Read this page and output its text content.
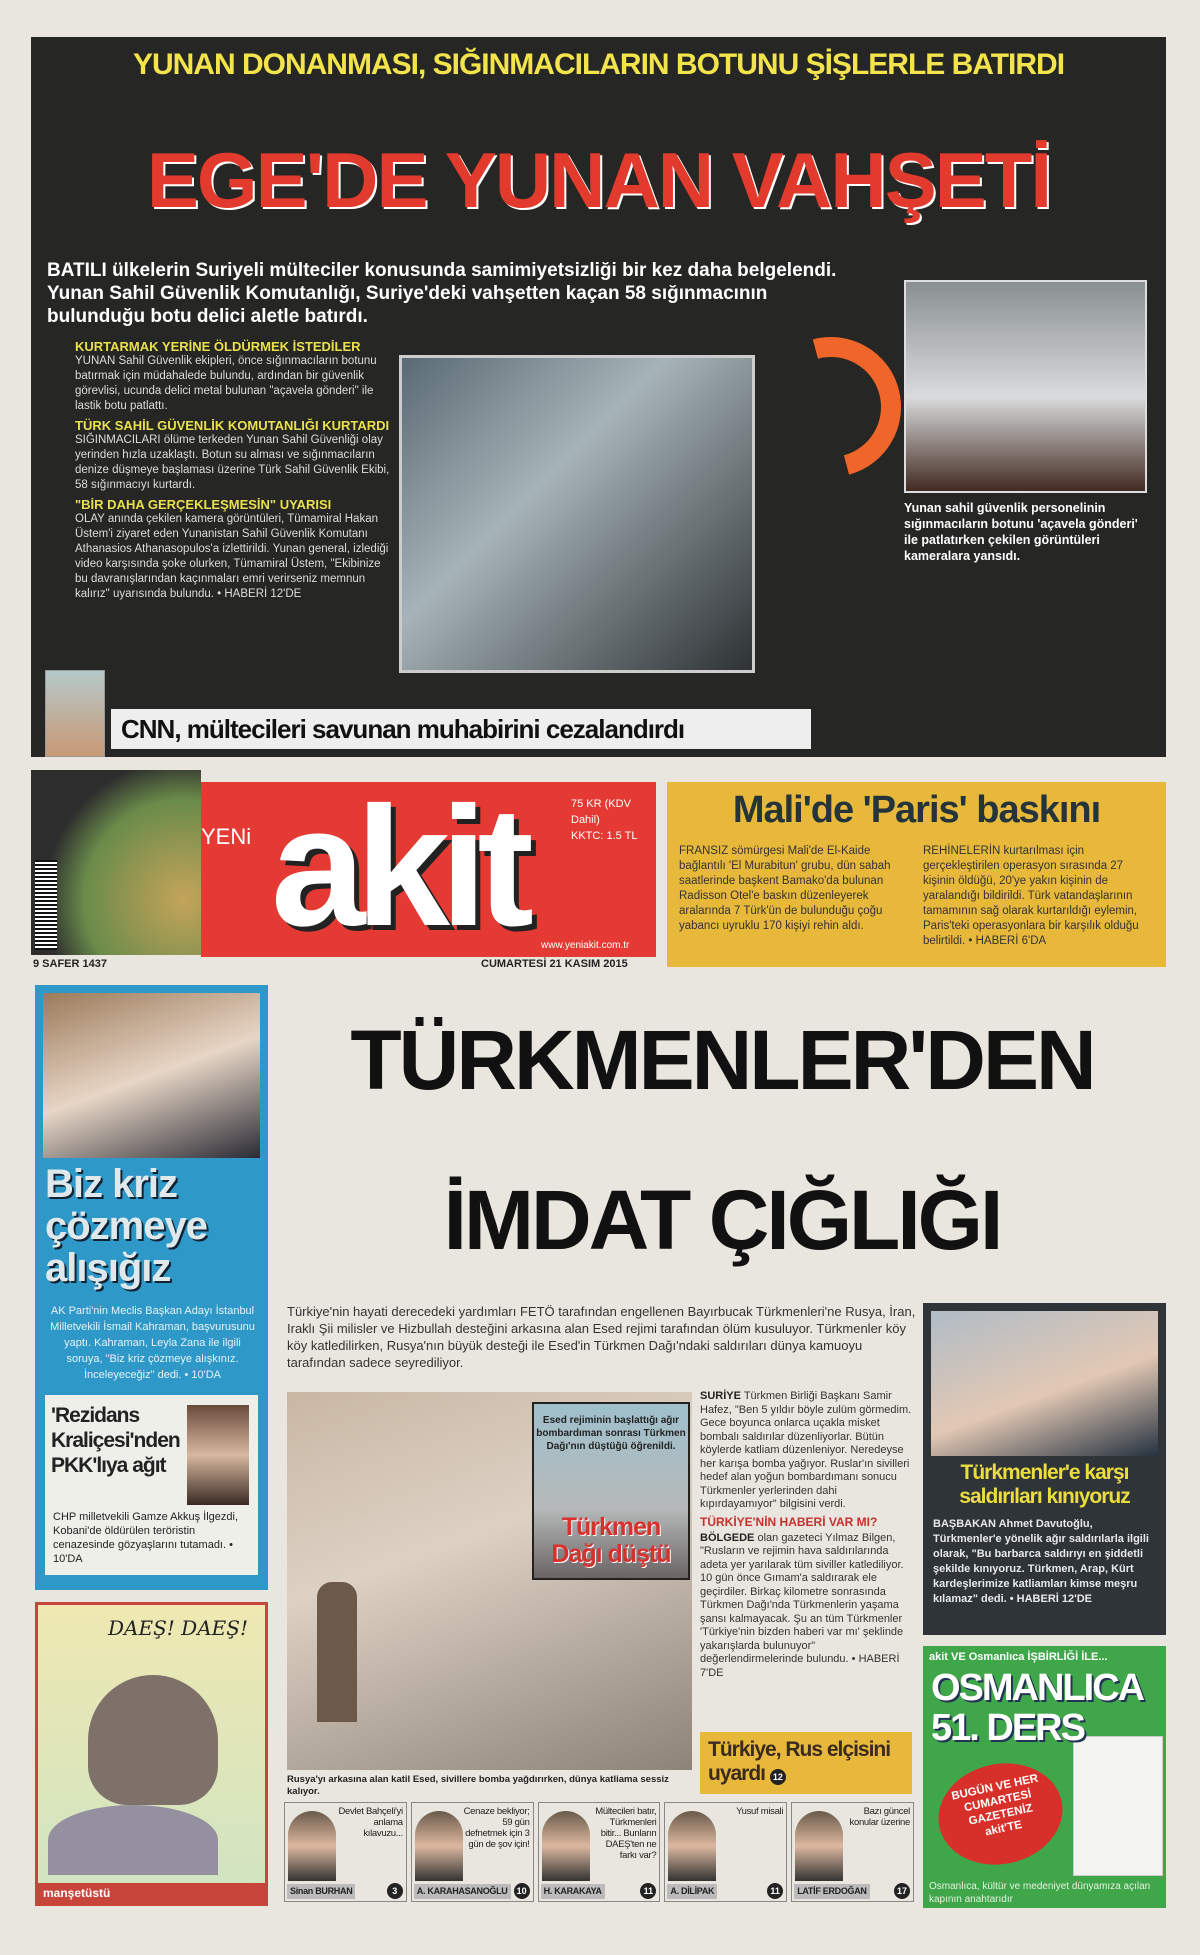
YUNAN DONANMASI, SIĞINMACILARIN BOTUNU ŞİŞLERLE BATIRDI
EGE'DE YUNAN VAHŞETİ
BATILI ülkelerin Suriyeli mülteciler konusunda samimiyetsizliği bir kez daha belgelendi. Yunan Sahil Güvenlik Komutanlığı, Suriye'deki vahşetten kaçan 58 sığınmacının bulunduğu botu delici aletle batırdı.
KURTARMAK YERİNE ÖLDÜRMEK İSTEDİLER
YUNAN Sahil Güvenlik ekipleri, önce sığınmacıların botunu batırmak için müdahalede bulundu, ardından bir güvenlik görevlisi, ucunda delici metal bulunan "açavela gönderi" ile lastik botu patlattı.
TÜRK SAHİL GÜVENLİK KOMUTANLIĞI KURTARDI
SIĞINMACILARI ölüme terkeden Yunan Sahil Güvenliği olay yerinden hızla uzaklaştı. Botun su alması ve sığınmacıların denize düşmeye başlaması üzerine Türk Sahil Güvenlik Ekibi, 58 sığınmacıyı kurtardı.
"BİR DAHA GERÇEKLEŞMESİN" UYARISI
OLAY anında çekilen kamera görüntüleri, Tümamiral Hakan Üstem'i ziyaret eden Yunanistan Sahil Güvenlik Komutanı Athanasios Athanasopulos'a izlettirildi. Yunan general, izlediği video karşısında şoke olurken, Tümamiral Üstem, "Ekibinize bu davranışlarından kaçınmaları emri verirseniz memnun kalırız" uyarısında bulundu. • HABERİ 12'DE
Yunan sahil güvenlik personelinin sığınmacıların botunu 'açavela gönderi' ile patlatırken çekilen görüntüleri kameralara yansıdı.
CNN, mültecileri savunan muhabirini cezalandırdı
9 SAFER 1437
YENi akit	75 KR (KDV Dahil)
KKTC: 1.5 TL
www.yeniakit.com.tr
CUMARTESİ 21 KASIM 2015
Mali'de 'Paris' baskını
FRANSIZ sömürgesi Mali'de El-Kaide bağlantılı 'El Murabitun' grubu, dün sabah saatlerinde başkent Bamako'da bulunan Radisson Otel'e baskın düzenleyerek aralarında 7 Türk'ün de bulunduğu çoğu yabancı uyruklu 170 kişiyi rehin aldı.
REHİNELERİN kurtarılması için gerçekleştirilen operasyon sırasında 27 kişinin öldüğü, 20'ye yakın kişinin de yaralandığı bildirildi. Türk vatandaşlarının tamamının sağ olarak kurtarıldığı eylemin, Paris'teki operasyonlara bir karşılık olduğu belirtildi. • HABERİ 6'DA
Biz kriz çözmeye alışığız
AK Parti'nin Meclis Başkan Adayı İstanbul Milletvekili İsmail Kahraman, başvurusunu yaptı. Kahraman, Leyla Zana ile ilgili soruya, "Biz kriz çözmeye alışkınız. İnceleyeceğiz" dedi. • 10'DA
'Rezidans Kraliçesi'nden PKK'lıya ağıt
CHP milletvekili Gamze Akkuş İlgezdi, Kobani'de öldürülen teröristin cenazesinde gözyaşlarını tutamadı. • 10'DA
DAEŞ! DAEŞ!
manşetüstü
TÜRKMENLER'DEN
İMDAT ÇIĞLIĞI
Türkiye'nin hayati derecedeki yardımları FETÖ tarafından engellenen Bayırbucak Türkmenleri'ne Rusya, İran, Iraklı Şii milisler ve Hizbullah desteğini arkasına alan Esed rejimi tarafından ölüm kusuluyor. Türkmenler köy köy katledilirken, Rusya'nın büyük desteği ile Esed'in Türkmen Dağı'ndaki saldırıları dünya kamuoyu tarafından sadece seyrediliyor.
Esed rejiminin başlattığı ağır bombardıman sonrası Türkmen Dağı'nın düştüğü öğrenildi.
Türkmen Dağı düştü
Rusya'yı arkasına alan katil Esed, sivillere bomba yağdırırken, dünya katliama sessiz kalıyor.
Türkiye, Rus elçisini uyardı 12

SURİYE Türkmen Birliği Başkanı Samir Hafez, "Ben 5 yıldır böyle zulüm görmedim. Gece boyunca onlarca uçakla misket bombalı saldırılar düzenliyorlar. Bütün köylerde katliam düzenleniyor. Neredeyse her karışa bomba yağıyor. Ruslar'ın sivilleri hedef alan yoğun bombardımanı sonucu Türkmenler yerlerinden dahi kıpırdayamıyor" bilgisini verdi.

TÜRKİYE'NİN HABERİ VAR MI?

BÖLGEDE olan gazeteci Yılmaz Bilgen, "Rusların ve rejimin hava saldırılarında adeta yer yarılarak tüm siviller katlediliyor. 10 gün önce Gımam'a saldırarak ele geçirdiler. Birkaç kilometre sonrasında Türkmen Dağı'nda Türkmenlerin yaşama şansı kalmayacak. Şu an tüm Türkmenler 'Türkiye'nin bizden haberi var mı' şeklinde yakarışlarda bulunuyor" değerlendirmelerinde bulundu. • HABERİ 7'DE

Türkmenler'e karşı saldırıları kınıyoruz
BAŞBAKAN Ahmet Davutoğlu, Türkmenler'e yönelik ağır saldırılarla ilgili olarak, "Bu barbarca saldırıyı en şiddetli şekilde kınıyoruz. Türkmen, Arap, Kürt kardeşlerimize katliamları kimse meşru kılamaz" dedi. • HABERİ 12'DE
akit VE Osmanlıca İŞBİRLİĞİ İLE...
OSMANLICA 51. DERS
BUGÜN VE HER CUMARTESİ GAZETENİZ akit'TE
Osmanlıca, kültür ve medeniyet dünyamıza açılan kapının anahtarıdır
Devlet Bahçeli'yi anlama kılavuzu...
Sinan BURHAN	3
Cenaze bekliyor; 59 gün defnetmek için 3 gün de şov için!
A. KARAHASANOĞLU	10
Mültecileri batır, Türkmenleri bitir... Bunların DAEŞ'ten ne farkı var?
H. KARAKAYA	11
Yusuf misali
A. DİLİPAK	11
Bazı güncel konular üzerine
LATİF ERDOĞAN	17
